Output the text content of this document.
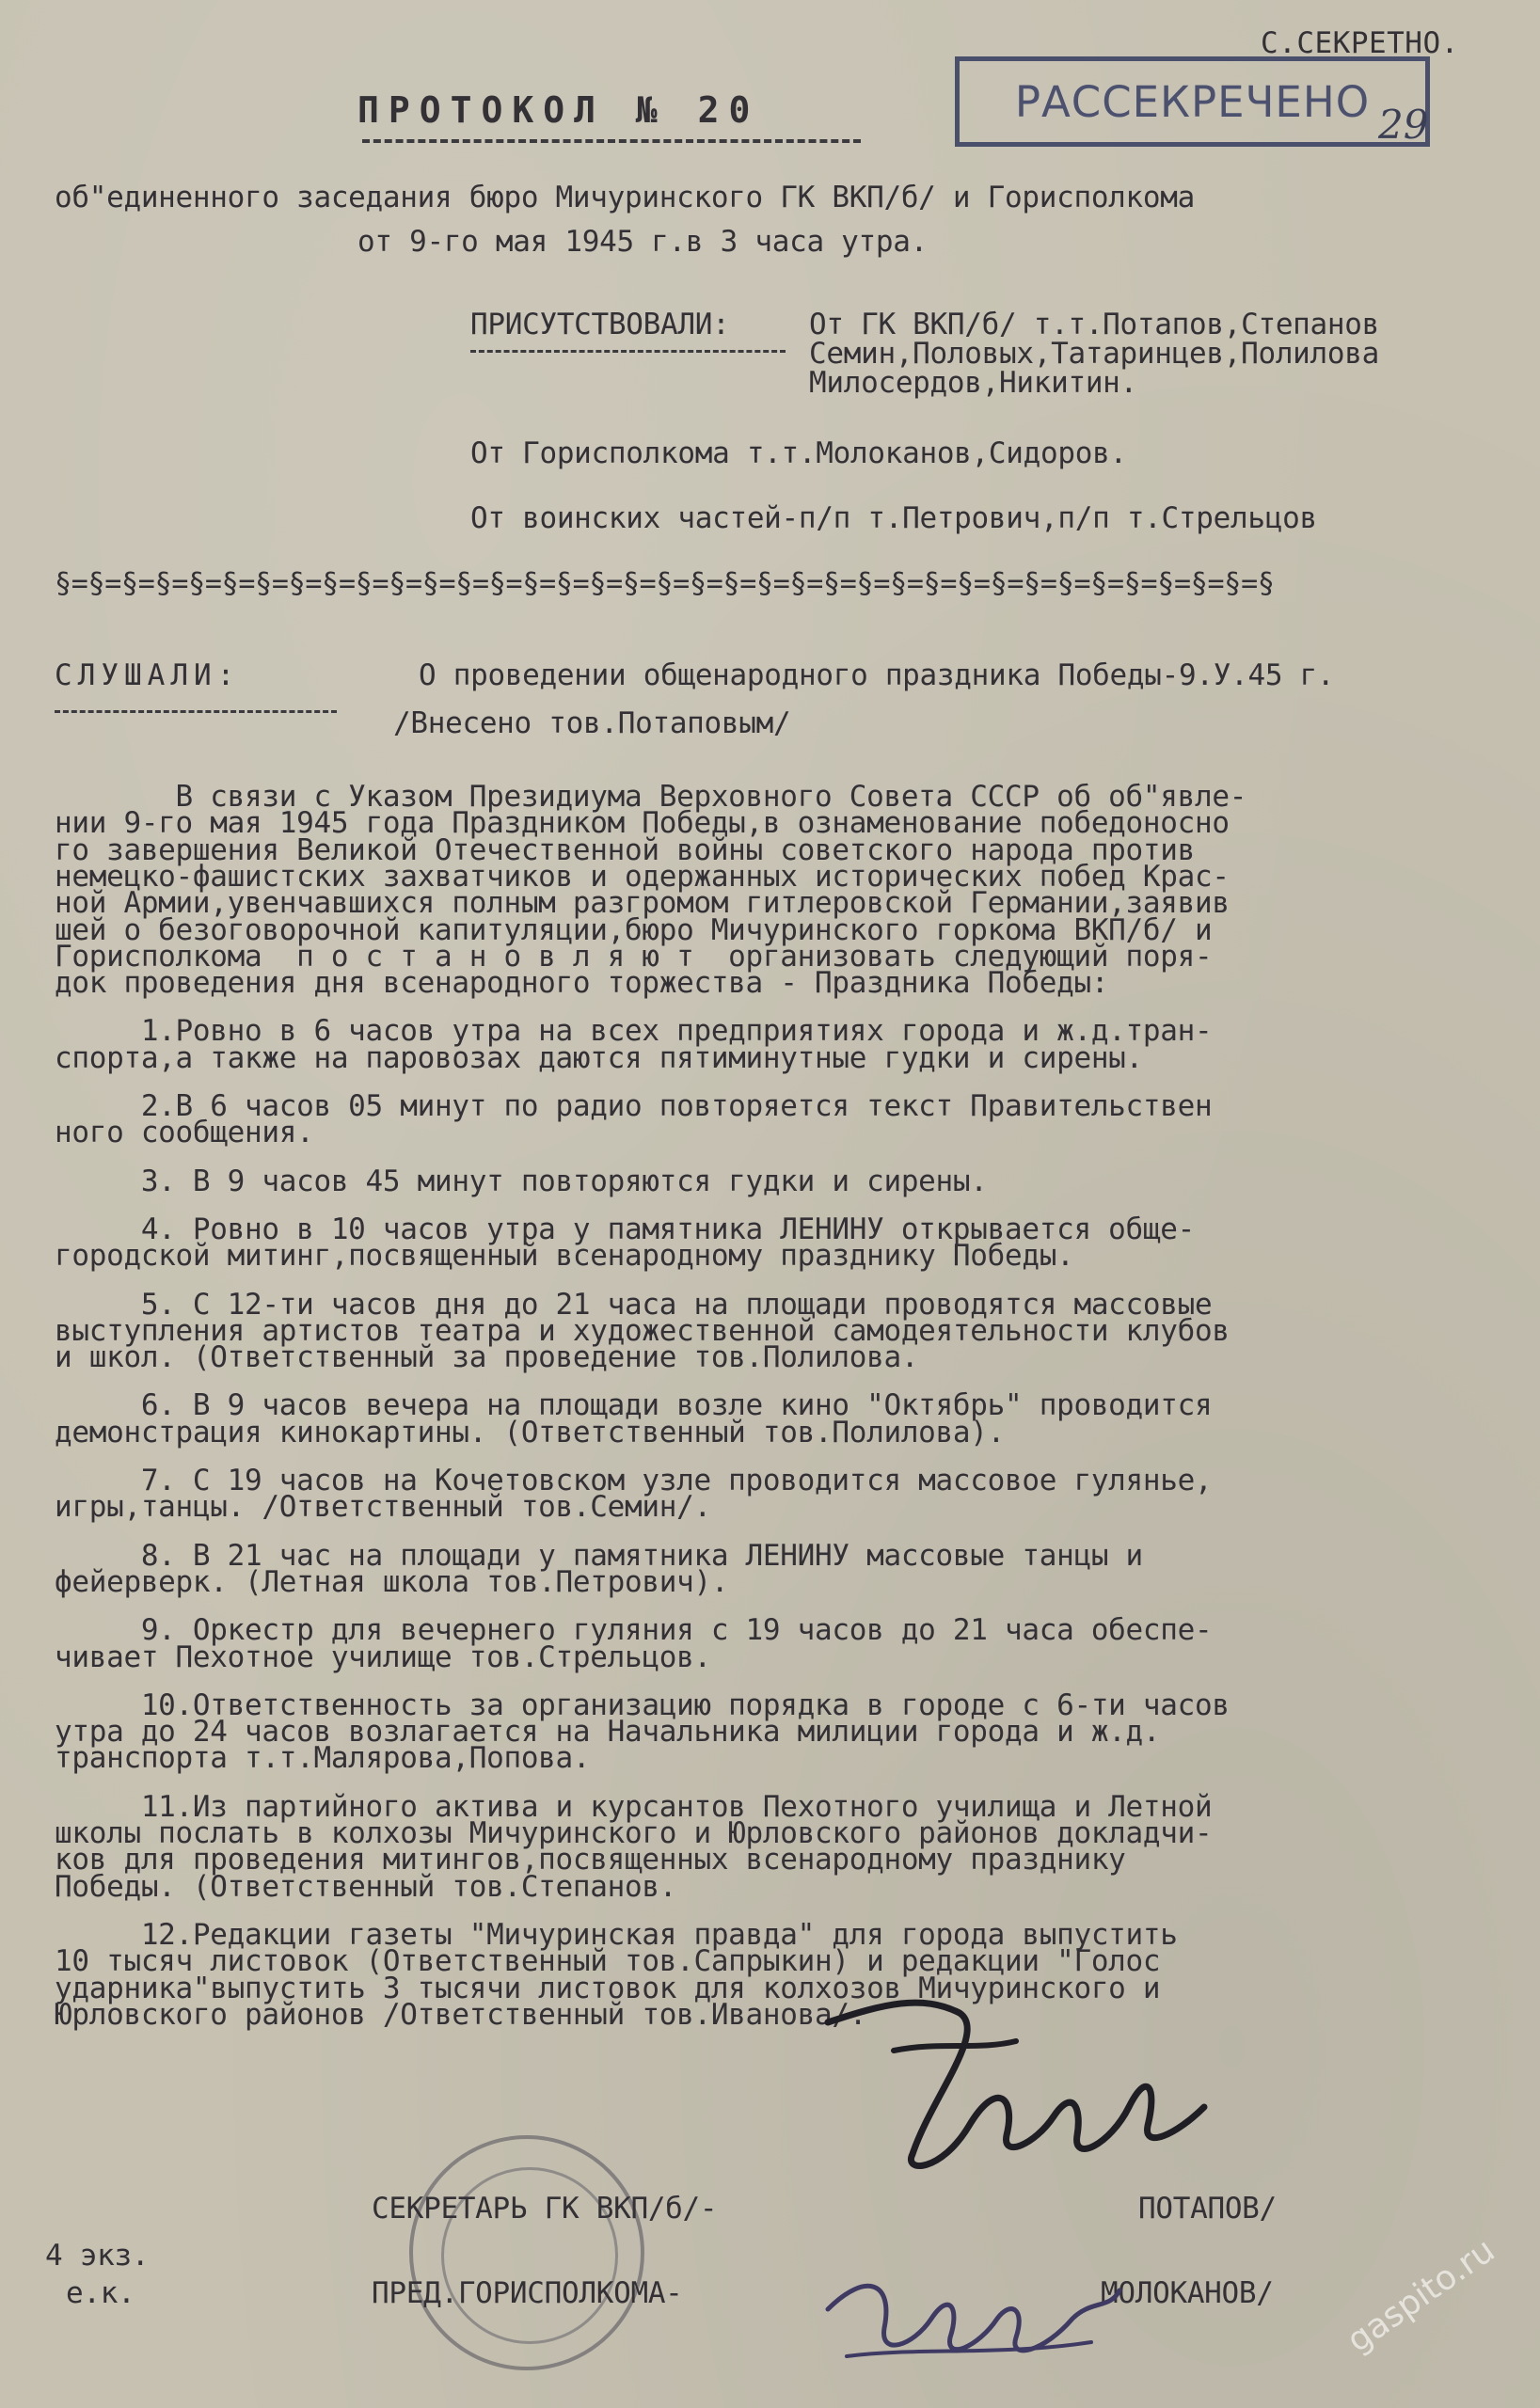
С.СЕКРЕТНО.
ПРОТОКОЛ № 20	РАССЕКРЕЧЕНО 29
об"единенного заседания бюро Мичуринского ГК ВКП/б/ и Горисполкома
от 9-го мая 1945 г.в 3 часа утра.
ПРИСУТСТВОВАЛИ:	От ГК ВКП/б/ т.т.Потапов,Степанов
Семин,Половых,Татаринцев,Полилова
Милосердов,Никитин.
От Горисполкома т.т.Молоканов,Сидоров.
От воинских частей-п/п т.Петрович,п/п т.Стрельцов
§=§=§=§=§=§=§=§=§=§=§=§=§=§=§=§=§=§=§=§=§=§=§=§=§=§=§=§=§=§=§=§=§=§=§=§=§
СЛУШАЛИ:	О проведении общенародного праздника Победы-9.У.45 г.
/Внесено тов.Потаповым/
В связи с Указом Президиума Верховного Совета СССР об об"явле-
нии 9-го мая 1945 года Праздником Победы,в ознаменование победоносно
го завершения Великой Отечественной войны советского народа против
немецко-фашистских захватчиков и одержанных исторических побед Крас-
ной Армии,увенчавшихся полным разгромом гитлеровской Германии,заявив
шей о безоговорочной капитуляции,бюро Мичуринского горкома ВКП/б/ и
Горисполкома  п о с т а н о в л я ю т  организовать следующий поря-
док проведения дня всенародного торжества - Праздника Победы:
1.Ровно в 6 часов утра на всех предприятиях города и ж.д.тран-
спорта,а также на паровозах даются пятиминутные гудки и сирены.
2.В 6 часов 05 минут по радио повторяется текст Правительствен
ного сообщения.
3. В 9 часов 45 минут повторяются гудки и сирены.
4. Ровно в 10 часов утра у памятника ЛЕНИНУ открывается обще-
городской митинг,посвященный всенародному празднику Победы.
5. С 12-ти часов дня до 21 часа на площади проводятся массовые
выступления артистов театра и художественной самодеятельности клубов
и школ. (Ответственный за проведение тов.Полилова.
6. В 9 часов вечера на площади возле кино "Октябрь" проводится
демонстрация кинокартины. (Ответственный тов.Полилова).
7. С 19 часов на Кочетовском узле проводится массовое гулянье,
игры,танцы. /Ответственный тов.Семин/.
8. В 21 час на площади у памятника ЛЕНИНУ массовые танцы и
фейерверк. (Летная школа тов.Петрович).
9. Оркестр для вечернего гуляния с 19 часов до 21 часа обеспе-
чивает Пехотное училище тов.Стрельцов.
10.Ответственность за организацию порядка в городе с 6-ти часов
утра до 24 часов возлагается на Начальника милиции города и ж.д.
транспорта т.т.Малярова,Попова.
11.Из партийного актива и курсантов Пехотного училища и Летной
школы послать в колхозы Мичуринского и Юрловского районов докладчи-
ков для проведения митингов,посвященных всенародному празднику
Победы. (Ответственный тов.Степанов.
12.Редакции газеты "Мичуринская правда" для города выпустить
10 тысяч листовок (Ответственный тов.Сапрыкин) и редакции "Голос
ударника"выпустить 3 тысячи листовок для колхозов Мичуринского и
Юрловского районов /Ответственный тов.Иванова/.
СЕКРЕТАРЬ ГК ВКП/б/-	ПОТАПОВ/
ПРЕД.ГОРИСПОЛКОМА-	МОЛОКАНОВ/
4 экз.
е.к.	gaspito.ru
